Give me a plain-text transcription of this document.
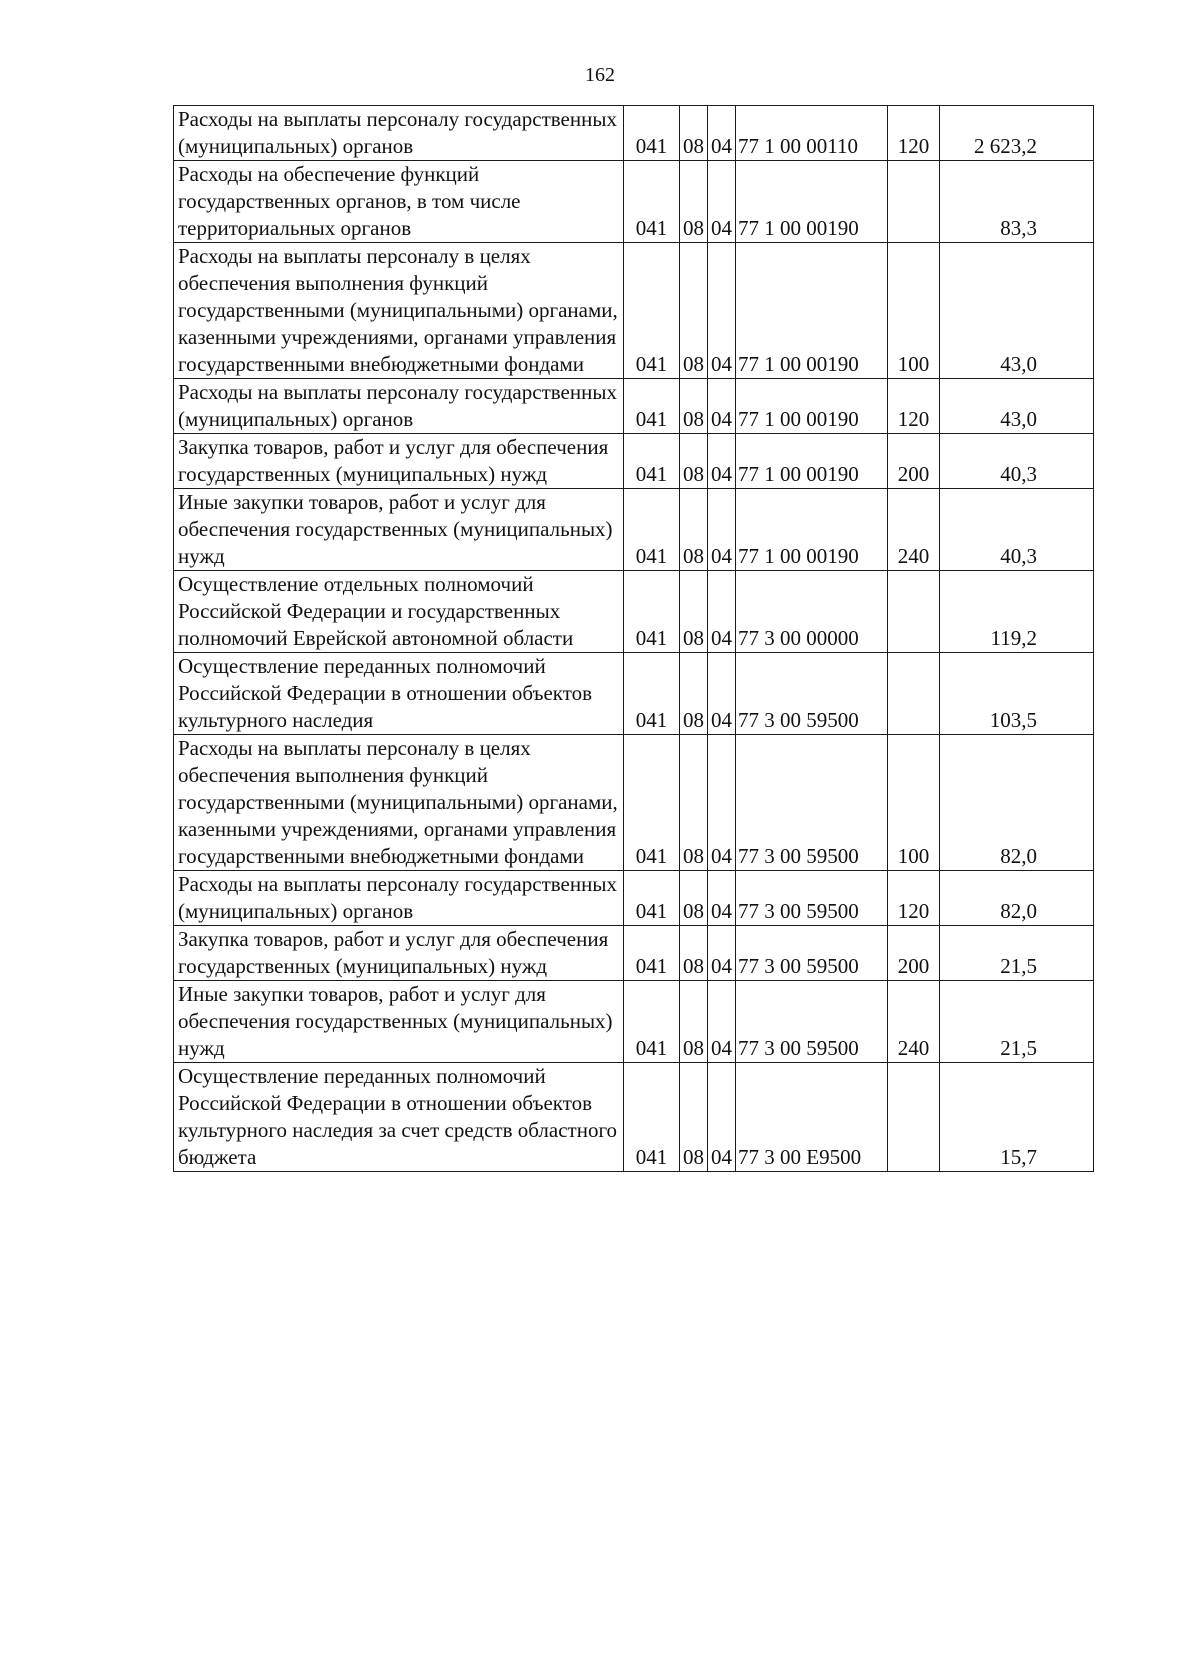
162
Расходы на выплаты персоналу государственных (муниципальных) органов	041	08	04	77 1 00 00110	120	2 623,2
Расходы на обеспечение функций государственных органов, в том числе территориальных органов	041	08	04	77 1 00 00190		83,3
Расходы на выплаты персоналу в целях обеспечения выполнения функций государственными (муниципальными) органами, казенными учреждениями, органами управления государственными внебюджетными фондами	041	08	04	77 1 00 00190	100	43,0
Расходы на выплаты персоналу государственных (муниципальных) органов	041	08	04	77 1 00 00190	120	43,0
Закупка товаров, работ и услуг для обеспечения государственных (муниципальных) нужд	041	08	04	77 1 00 00190	200	40,3
Иные закупки товаров, работ и услуг для обеспечения государственных (муниципальных) нужд	041	08	04	77 1 00 00190	240	40,3
Осуществление отдельных полномочий Российской Федерации и государственных полномочий Еврейской автономной области	041	08	04	77 3 00 00000		119,2
Осуществление переданных полномочий Российской Федерации в отношении объектов культурного наследия	041	08	04	77 3 00 59500		103,5
Расходы на выплаты персоналу в целях обеспечения выполнения функций государственными (муниципальными) органами, казенными учреждениями, органами управления государственными внебюджетными фондами	041	08	04	77 3 00 59500	100	82,0
Расходы на выплаты персоналу государственных (муниципальных) органов	041	08	04	77 3 00 59500	120	82,0
Закупка товаров, работ и услуг для обеспечения государственных (муниципальных) нужд	041	08	04	77 3 00 59500	200	21,5
Иные закупки товаров, работ и услуг для обеспечения государственных (муниципальных) нужд	041	08	04	77 3 00 59500	240	21,5
Осуществление переданных полномочий Российской Федерации в отношении объектов культурного наследия за счет средств областного бюджета	041	08	04	77 3 00 Е9500		15,7
